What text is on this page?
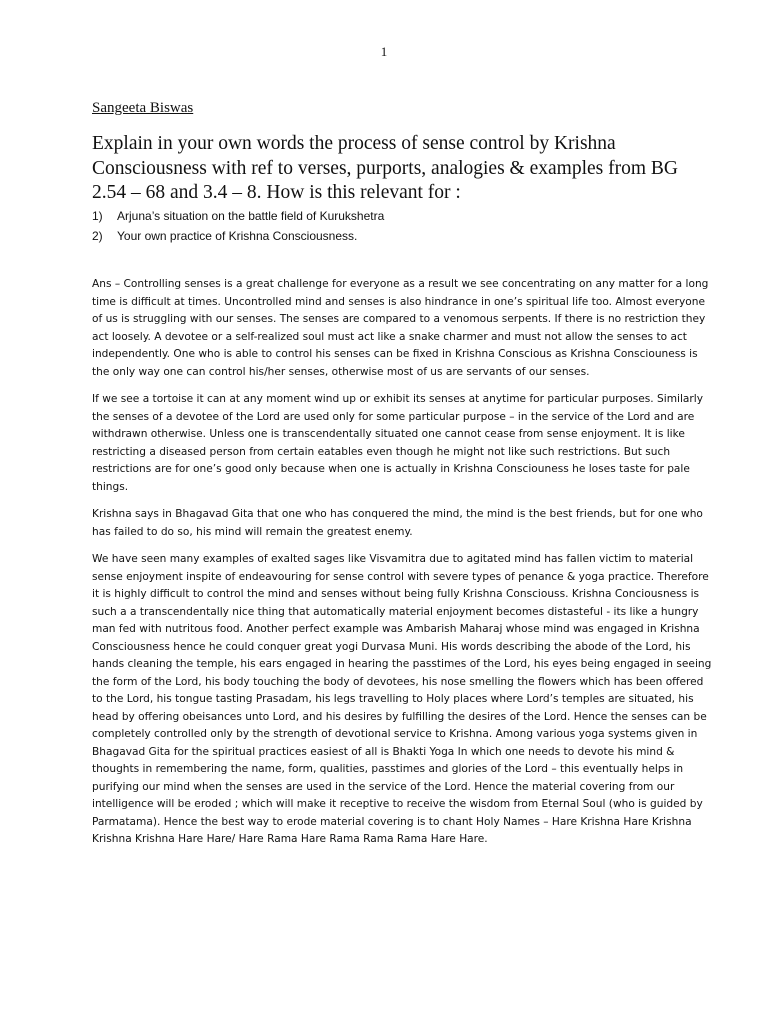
1
Sangeeta Biswas

Explain in your own words the process of sense control by Krishna Consciousness with ref to verses, purports, analogies & examples from BG 2.54 – 68 and 3.4 – 8. How is this relevant for :

1) Arjuna’s situation on the battle field of Kurukshetra
2) Your own practice of Krishna Consciousness.

Ans – Controlling senses is a great challenge for everyone as a result we see concentrating on any matter for a long time is difficult at times. Uncontrolled mind and senses is also hindrance in one’s spiritual life too. Almost everyone of us is struggling with our senses. The senses are compared to a venomous serpents. If there is no restriction they act loosely. A devotee or a self-realized soul must act like a snake charmer and must not allow the senses to act independently. One who is able to control his senses can be fixed in Krishna Conscious as Krishna Consciouness is the only way one can control his/her senses, otherwise most of us are servants of our senses.

If we see a tortoise it can at any moment wind up or exhibit its senses at anytime for particular purposes. Similarly the senses of a devotee of the Lord are used only for some particular purpose – in the service of the Lord and are withdrawn otherwise. Unless one is transcendentally situated one cannot cease from sense enjoyment. It is like restricting a diseased person from certain eatables even though he might not like such restrictions. But such restrictions are for one’s good only because when one is actually in Krishna Consciouness he loses taste for pale things.

Krishna says in Bhagavad Gita that one who has conquered the mind, the mind is the best friends, but for one who has failed to do so, his mind will remain the greatest enemy.

We have seen many examples of exalted sages like Visvamitra due to agitated mind has fallen victim to material sense enjoyment inspite of endeavouring for sense control with severe types of penance & yoga practice. Therefore it is highly difficult to control the mind and senses without being fully Krishna Consciouss. Krishna Conciousness is such a a transcendentally nice thing that automatically material enjoyment becomes distasteful - its like a hungry man fed with nutritous food. Another perfect example was Ambarish Maharaj whose mind was engaged in Krishna Consciousness hence he could conquer great yogi Durvasa Muni. His words describing the abode of the Lord, his hands cleaning the temple, his ears engaged in hearing the passtimes of the Lord, his eyes being engaged in seeing the form of the Lord, his body touching the body of devotees, his nose smelling the flowers which has been offered to the Lord, his tongue tasting Prasadam, his legs travelling to Holy places where Lord’s temples are situated, his head by offering obeisances unto Lord, and his desires by fulfilling the desires of the Lord. Hence the senses can be completely controlled only by the strength of devotional service to Krishna. Among various yoga systems given in Bhagavad Gita for the spiritual practices easiest of all is Bhakti Yoga In which one needs to devote his mind & thoughts in remembering the name, form, qualities, passtimes and glories of the Lord – this eventually helps in purifying our mind when the senses are used in the service of the Lord. Hence the material covering from our intelligence will be eroded ; which will make it receptive to receive the wisdom from Eternal Soul (who is guided by Parmatama). Hence the best way to erode material covering is to chant Holy Names – Hare Krishna Hare Krishna Krishna Krishna Hare Hare/ Hare Rama Hare Rama Rama Rama Hare Hare.
